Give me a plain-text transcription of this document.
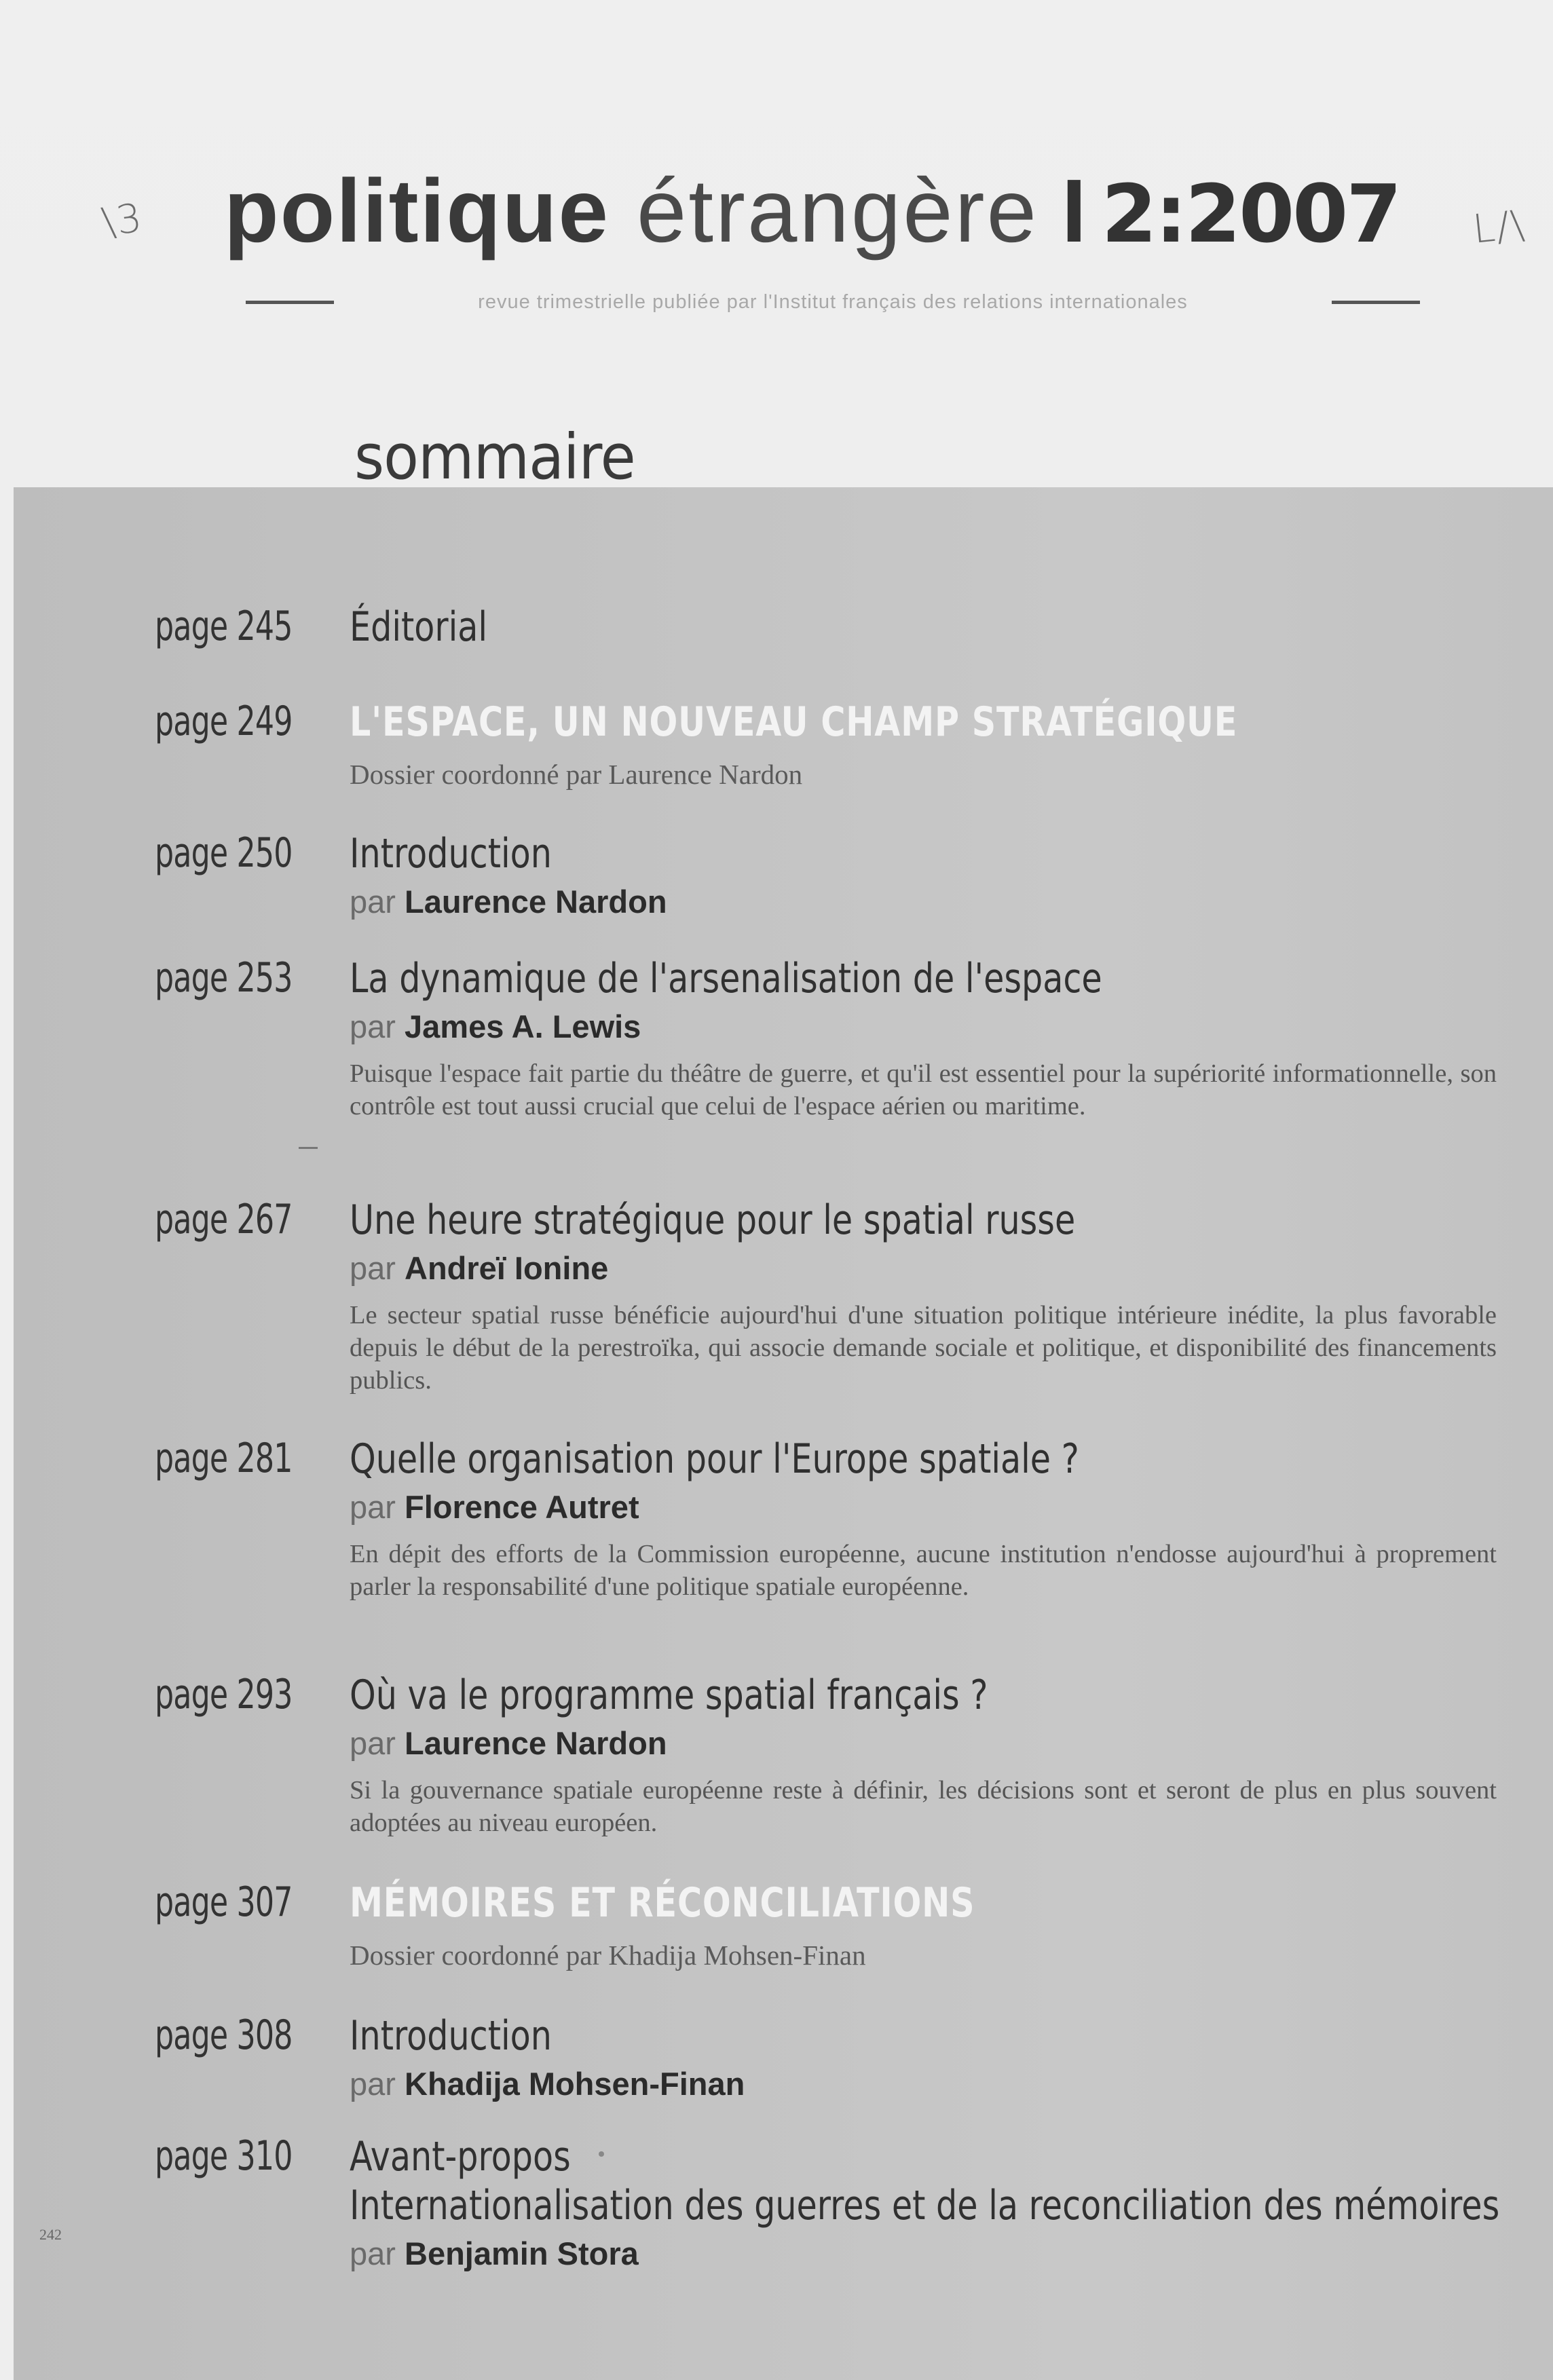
\3	L/\
politique étrangère I 2:2007
revue trimestrielle publiée par l'Institut français des relations internationales
sommaire
page 245 Éditorial
page 249 L'ESPACE, UN NOUVEAU CHAMP STRATÉGIQUE
Dossier coordonné par Laurence Nardon
page 250 Introduction
par Laurence Nardon
page 253 La dynamique de l'arsenalisation de l'espace
par James A. Lewis
Puisque l'espace fait partie du théâtre de guerre, et qu'il est essentiel pour la supériorité informationnelle, son contrôle est tout aussi crucial que celui de l'espace aérien ou maritime.
page 267 Une heure stratégique pour le spatial russe
par Andreï Ionine
Le secteur spatial russe bénéficie aujourd'hui d'une situation politique intérieure inédite, la plus favorable depuis le début de la perestroïka, qui associe demande sociale et politique, et disponibilité des financements publics.
page 281 Quelle organisation pour l'Europe spatiale ?
par Florence Autret
En dépit des efforts de la Commission européenne, aucune institution n'endosse aujourd'hui à proprement parler la responsabilité d'une politique spatiale européenne.
page 293 Où va le programme spatial français ?
par Laurence Nardon
Si la gouvernance spatiale européenne reste à définir, les décisions sont et seront de plus en plus souvent adoptées au niveau européen.
page 307 MÉMOIRES ET RÉCONCILIATIONS
Dossier coordonné par Khadija Mohsen-Finan
page 308 Introduction
par Khadija Mohsen-Finan
page 310 Avant-propos
Internationalisation des guerres et de la reconciliation des mémoires
par Benjamin Stora
242
